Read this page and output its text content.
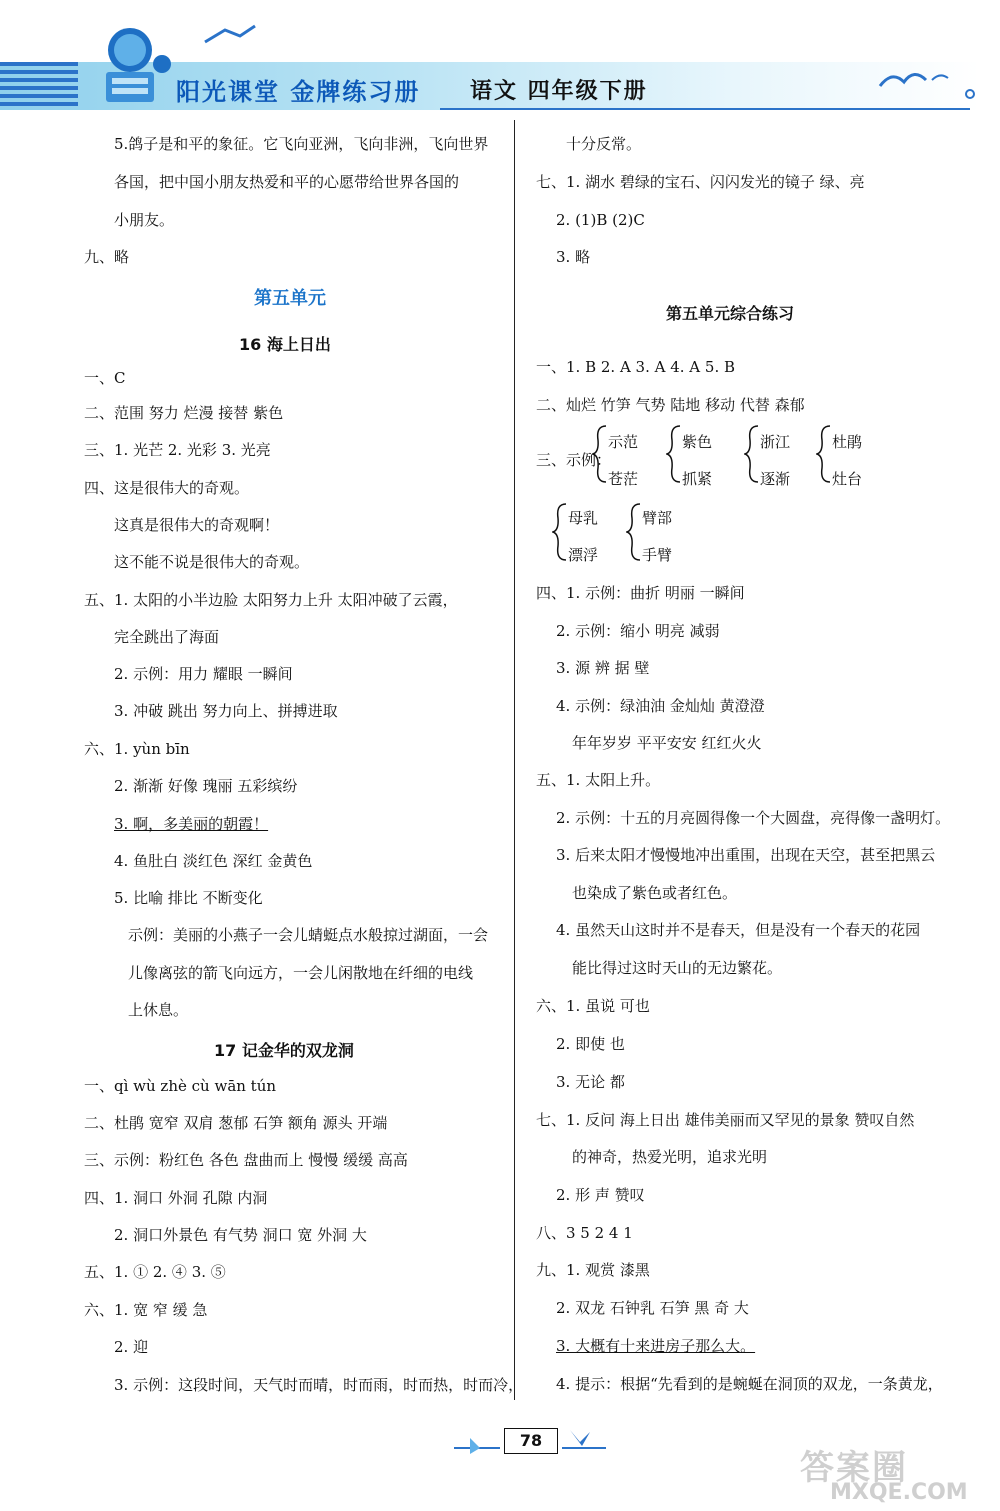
阳光课堂 金牌练习册 语文 四年级下册
5.鸽子是和平的象征。它飞向亚洲，飞向非洲，飞向世界
各国，把中国小朋友热爱和平的心愿带给世界各国的
小朋友。
九、略
第五单元
16 海上日出
一、C
二、范围 努力 烂漫 接替 紫色
三、1. 光芒 2. 光彩 3. 光亮
四、这是很伟大的奇观。
这真是很伟大的奇观啊！
这不能不说是很伟大的奇观。
五、1. 太阳的小半边脸 太阳努力上升 太阳冲破了云霞，
完全跳出了海面
2. 示例：用力 耀眼 一瞬间
3. 冲破 跳出 努力向上、拼搏进取
六、1. yùn bīn
2. 渐渐 好像 瑰丽 五彩缤纷
3. 啊，多美丽的朝霞！
4. 鱼肚白 淡红色 深红 金黄色
5. 比喻 排比 不断变化
示例：美丽的小燕子一会儿蜻蜓点水般掠过湖面，一会
儿像离弦的箭飞向远方，一会儿闲散地在纤细的电线
上休息。
17 记金华的双龙洞
一、qì wù zhè cù wān tún
二、杜鹃 宽窄 双肩 葱郁 石笋 额角 源头 开端
三、示例：粉红色 各色 盘曲而上 慢慢 缓缓 高高
四、1. 洞口 外洞 孔隙 内洞
2. 洞口外景色 有气势 洞口 宽 外洞 大
五、1. ① 2. ④ 3. ⑤
六、1. 宽 窄 缓 急
2. 迎
3. 示例：这段时间，天气时而晴，时而雨，时而热，时而冷，
十分反常。
七、1. 湖水 碧绿的宝石、闪闪发光的镜子 绿、亮
2. (1)B (2)C
3. 略
第五单元综合练习
一、1. B 2. A 3. A 4. A 5. B
二、灿烂 竹笋 气势 陆地 移动 代替 森郁
三、示例：
示范
苍茫
紫色
抓紧
浙江
逐渐
杜鹃
灶台
母乳
漂浮
臂部
手臂
四、1. 示例：曲折 明丽 一瞬间
2. 示例：缩小 明亮 减弱
3. 源 辨 据 壁
4. 示例：绿油油 金灿灿 黄澄澄
年年岁岁 平平安安 红红火火
五、1. 太阳上升。
2. 示例：十五的月亮圆得像一个大圆盘，亮得像一盏明灯。
3. 后来太阳才慢慢地冲出重围，出现在天空，甚至把黑云
也染成了紫色或者红色。
4. 虽然天山这时并不是春天，但是没有一个春天的花园
能比得过这时天山的无边繁花。
六、1. 虽说 可也
2. 即使 也
3. 无论 都
七、1. 反问 海上日出 雄伟美丽而又罕见的景象 赞叹自然
的神奇，热爱光明，追求光明
2. 形 声 赞叹
八、3 5 2 4 1
九、1. 观赏 漆黑
2. 双龙 石钟乳 石笋 黑 奇 大
3. 大概有十来进房子那么大。
4. 提示：根据“先看到的是蜿蜒在洞顶的双龙，一条黄龙，
78
答案圈
MXQE.COM
